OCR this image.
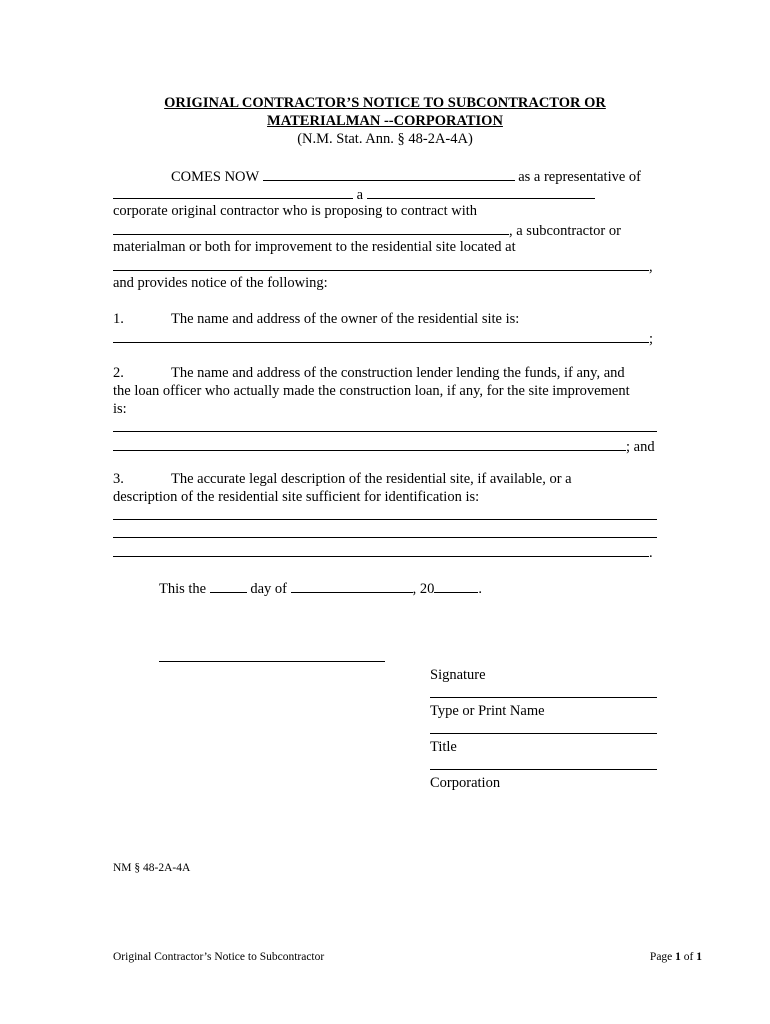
ORIGINAL CONTRACTOR’S NOTICE TO SUBCONTRACTOR OR
MATERIALMAN --CORPORATION
(N.M. Stat. Ann. § 48-2A-4A)
COMES NOW	as a representative of
a
corporate original contractor who is proposing to contract with
, a subcontractor or
materialman or both for improvement to the residential site located at
,
and provides notice of the following:
1.	The name and address of the owner of the residential site is:
;
2.	The name and address of the construction lender lending the funds, if any, and
the loan officer who actually made the construction loan, if any, for the site improvement
is:
; and
3.	The accurate legal description of the residential site, if available, or a
description of the residential site sufficient for identification is:
.
This the	day of	, 20	.
Signature
Type or Print Name
Title
Corporation
NM § 48-2A-4A
Original Contractor’s Notice to Subcontractor	Page 1 of 1
